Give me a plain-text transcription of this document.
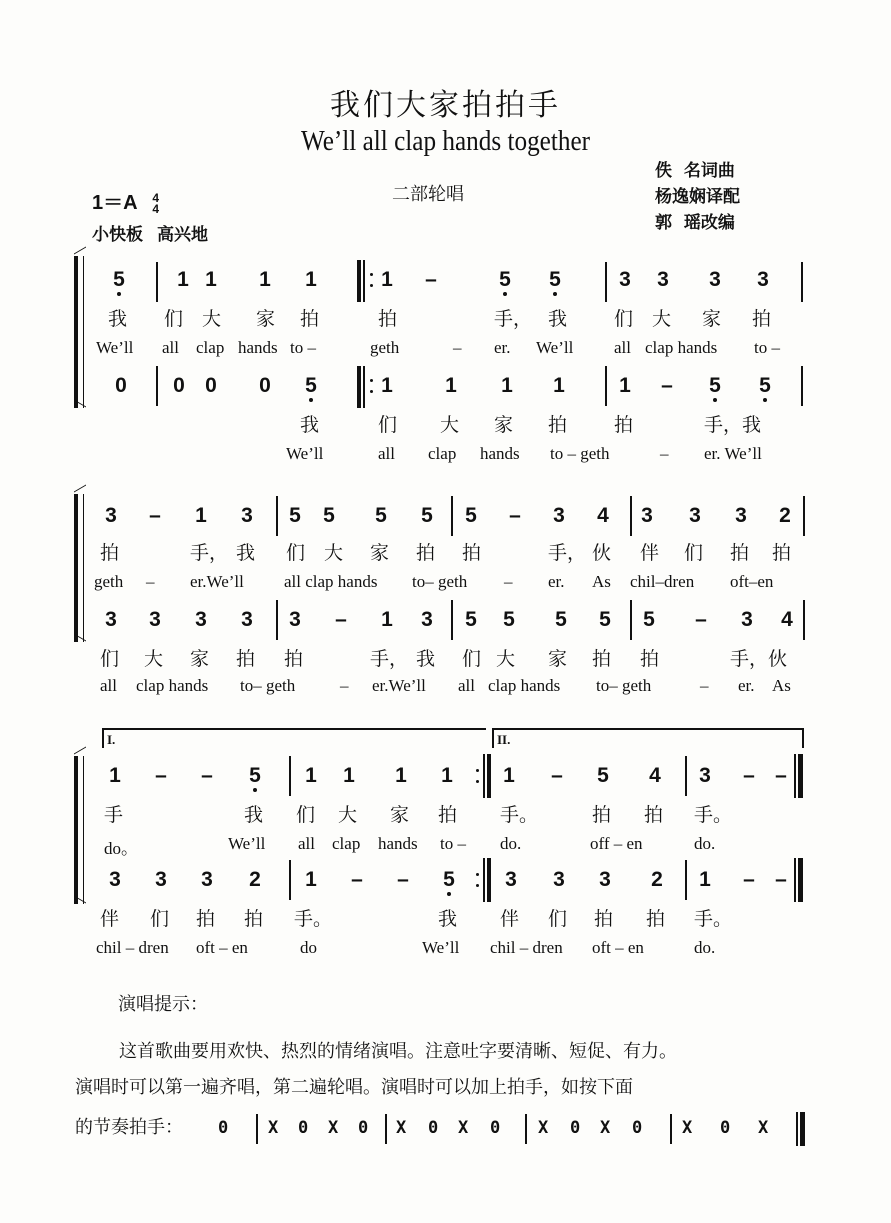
我们大家拍拍手
We’ll all clap hands together
1＝A 4
4
小快板 高兴地
二部轮唱
佚  名词曲
杨逸娴译配
郭  瑶改编
5 1 1 1 1	1 –	5 5	3 3 3 3
我 们 大 家 拍	拍	手， 我 们 大 家 拍
We’ll all clap hands to –	geth	– er. We’ll all clap hands to –
0 0 0 0 5	1 1 1 1	1 – 5 5
我	们 大 家 拍 拍	手，我
We’ll	all clap hands to – geth	– er. We’ll
3 – 1 3 5 5 5 5 5 – 3 4 3 3 3 2
拍	手， 我 们 大 家 拍 拍	手， 伙 伴 们 拍 拍
geth – er.We’ll all clap hands to– geth – er. As chil–dren oft–en
3 3 3 3 3 – 1 3 5 5 5 5 5 – 3 4
们 大 家 拍 拍	手， 我 们 大 家 拍 拍	手，伙
all clap hands to– geth	– er.We’ll all clap hands to– geth	– er. As
I.	II.
1 – – 5 1 1 1 1 1 – 5 4 3 – –
手	我 们 大 家 拍 手。	拍 拍 手。
do。	We’ll all clap hands to – do.	off – en	do.
3 3 3 2 1 – – 5 3 3 3 2 1 – –
伴 们 拍 拍 手。	我 伴 们 拍 拍 手。
chil – dren oft – en	do	We’ll chil – dren oft – en	do.
演唱提示：
这首歌曲要用欢快、热烈的情绪演唱。注意吐字要清晰、短促、有力。
演唱时可以第一遍齐唱，第二遍轮唱。演唱时可以加上拍手，如按下面
的节奏拍手： 0 X 0 X 0 X 0 X 0 X 0 X 0 X 0 X
